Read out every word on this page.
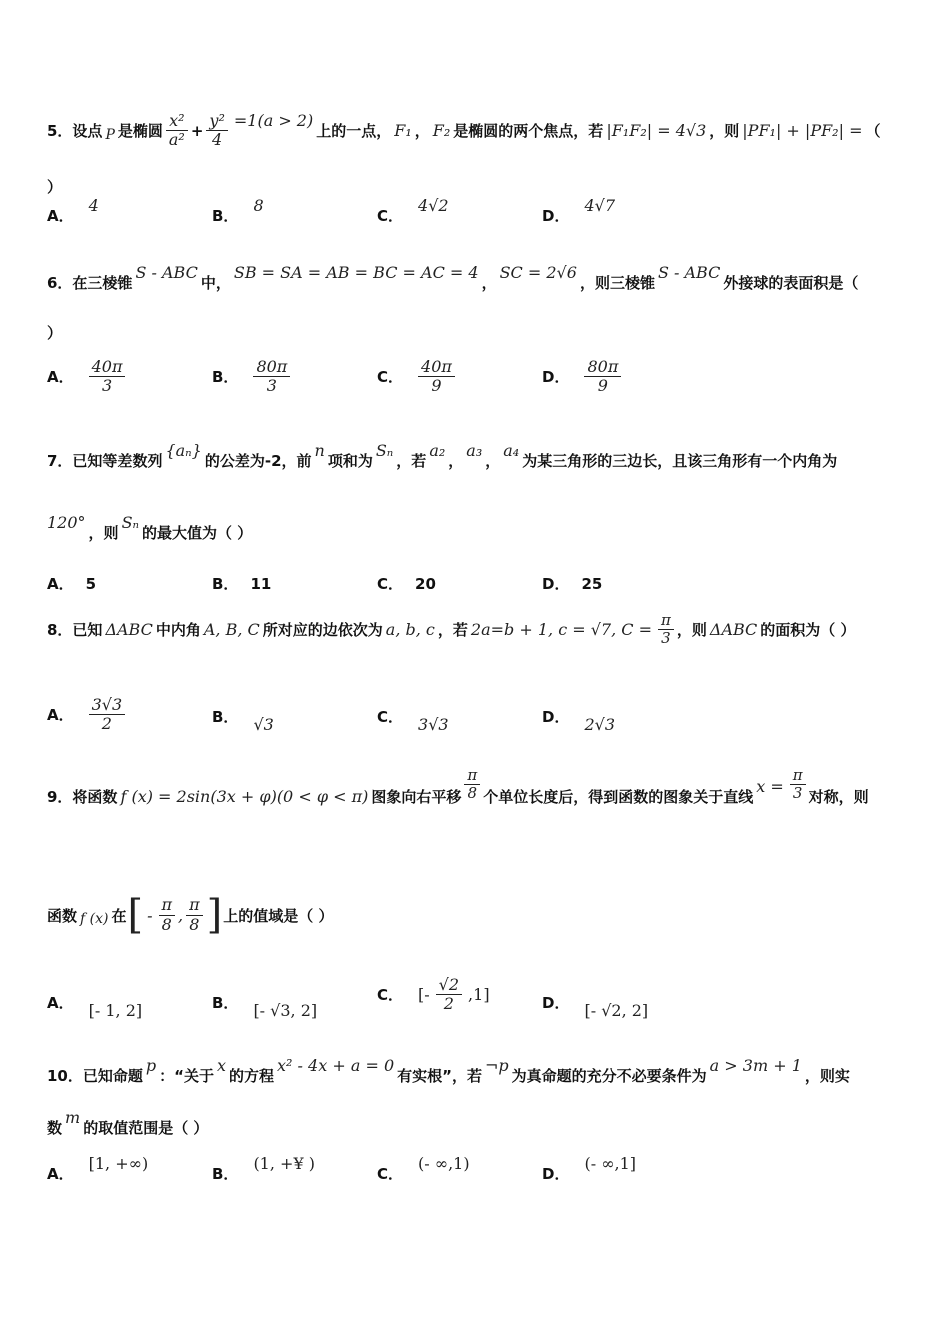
5．设点 P 是椭圆 $\frac{\text{x²}}{\text{a²}} + \frac{\text{y²}}{4} =1(a > 2)$
上的一点， F₁ ， F₂ 是椭圆的两个焦点，若 |F₁F₂| = 4√3 ，则 |PF₁| + |PF₂| = （
）
A．
4
B．
8
C．
4√2
D．
4√7
6．在三棱锥
S - ABC
中，
SB = SA = AB = BC = AC = 4
，
SC = 2√6
，则三棱锥
S - ABC
外接球的表面积是（
）
A． $\frac{40\pi}{3}$	B． $\frac{80\pi}{3}$	C． $\frac{40\pi}{9}$	D． $\frac{80\pi}{9}$
7．已知等差数列
{aₙ}
的公差为-2，前
n
项和为
Sₙ
，若
a₂
，
a₃
，
a₄
为某三角形的三边长，且该三角形有一个内角为
120°
，则
Sₙ
的最大值为（ ）
A． 5	B． 11	C． 20	D． 25
8．已知 ΔABC 中内角 A, B, C 所对应的边依次为 a, b, c ，若 2a=b + 1, c = √7, $C = \frac{\pi}{3}$ ，则 ΔABC 的面积为（ ）
A． $\frac{3√3}{2}$	B． √3	C． 3√3	D． 2√3
9．将函数 f (x) = 2sin(3x + φ)(0 < φ < π) 图象向右平移 $\frac{\pi}{8}$ 个单位长度后，得到函数的图象关于直线
$x = \frac{\pi}{3}$ 对称，则
函数 f (x) 在 [ - $\frac{\pi}{8}$ , $\frac{\pi}{8}$ ] 上的值域是（ ）
A． [- 1, 2]	B． [- √3, 2]
C． [- $\frac{√2}{2} ,1$]	D． [- √2, 2]
10．已知命题
p
：“关于
x
的方程
x² - 4x + a = 0
有实根”，若
¬p
为真命题的充分不必要条件为
a > 3m + 1
，则实
数
m
的取值范围是（ ）
A．
[1, +∞)
B．
(1, +¥ )
C．
(- ∞,1)
D．
(- ∞,1]
